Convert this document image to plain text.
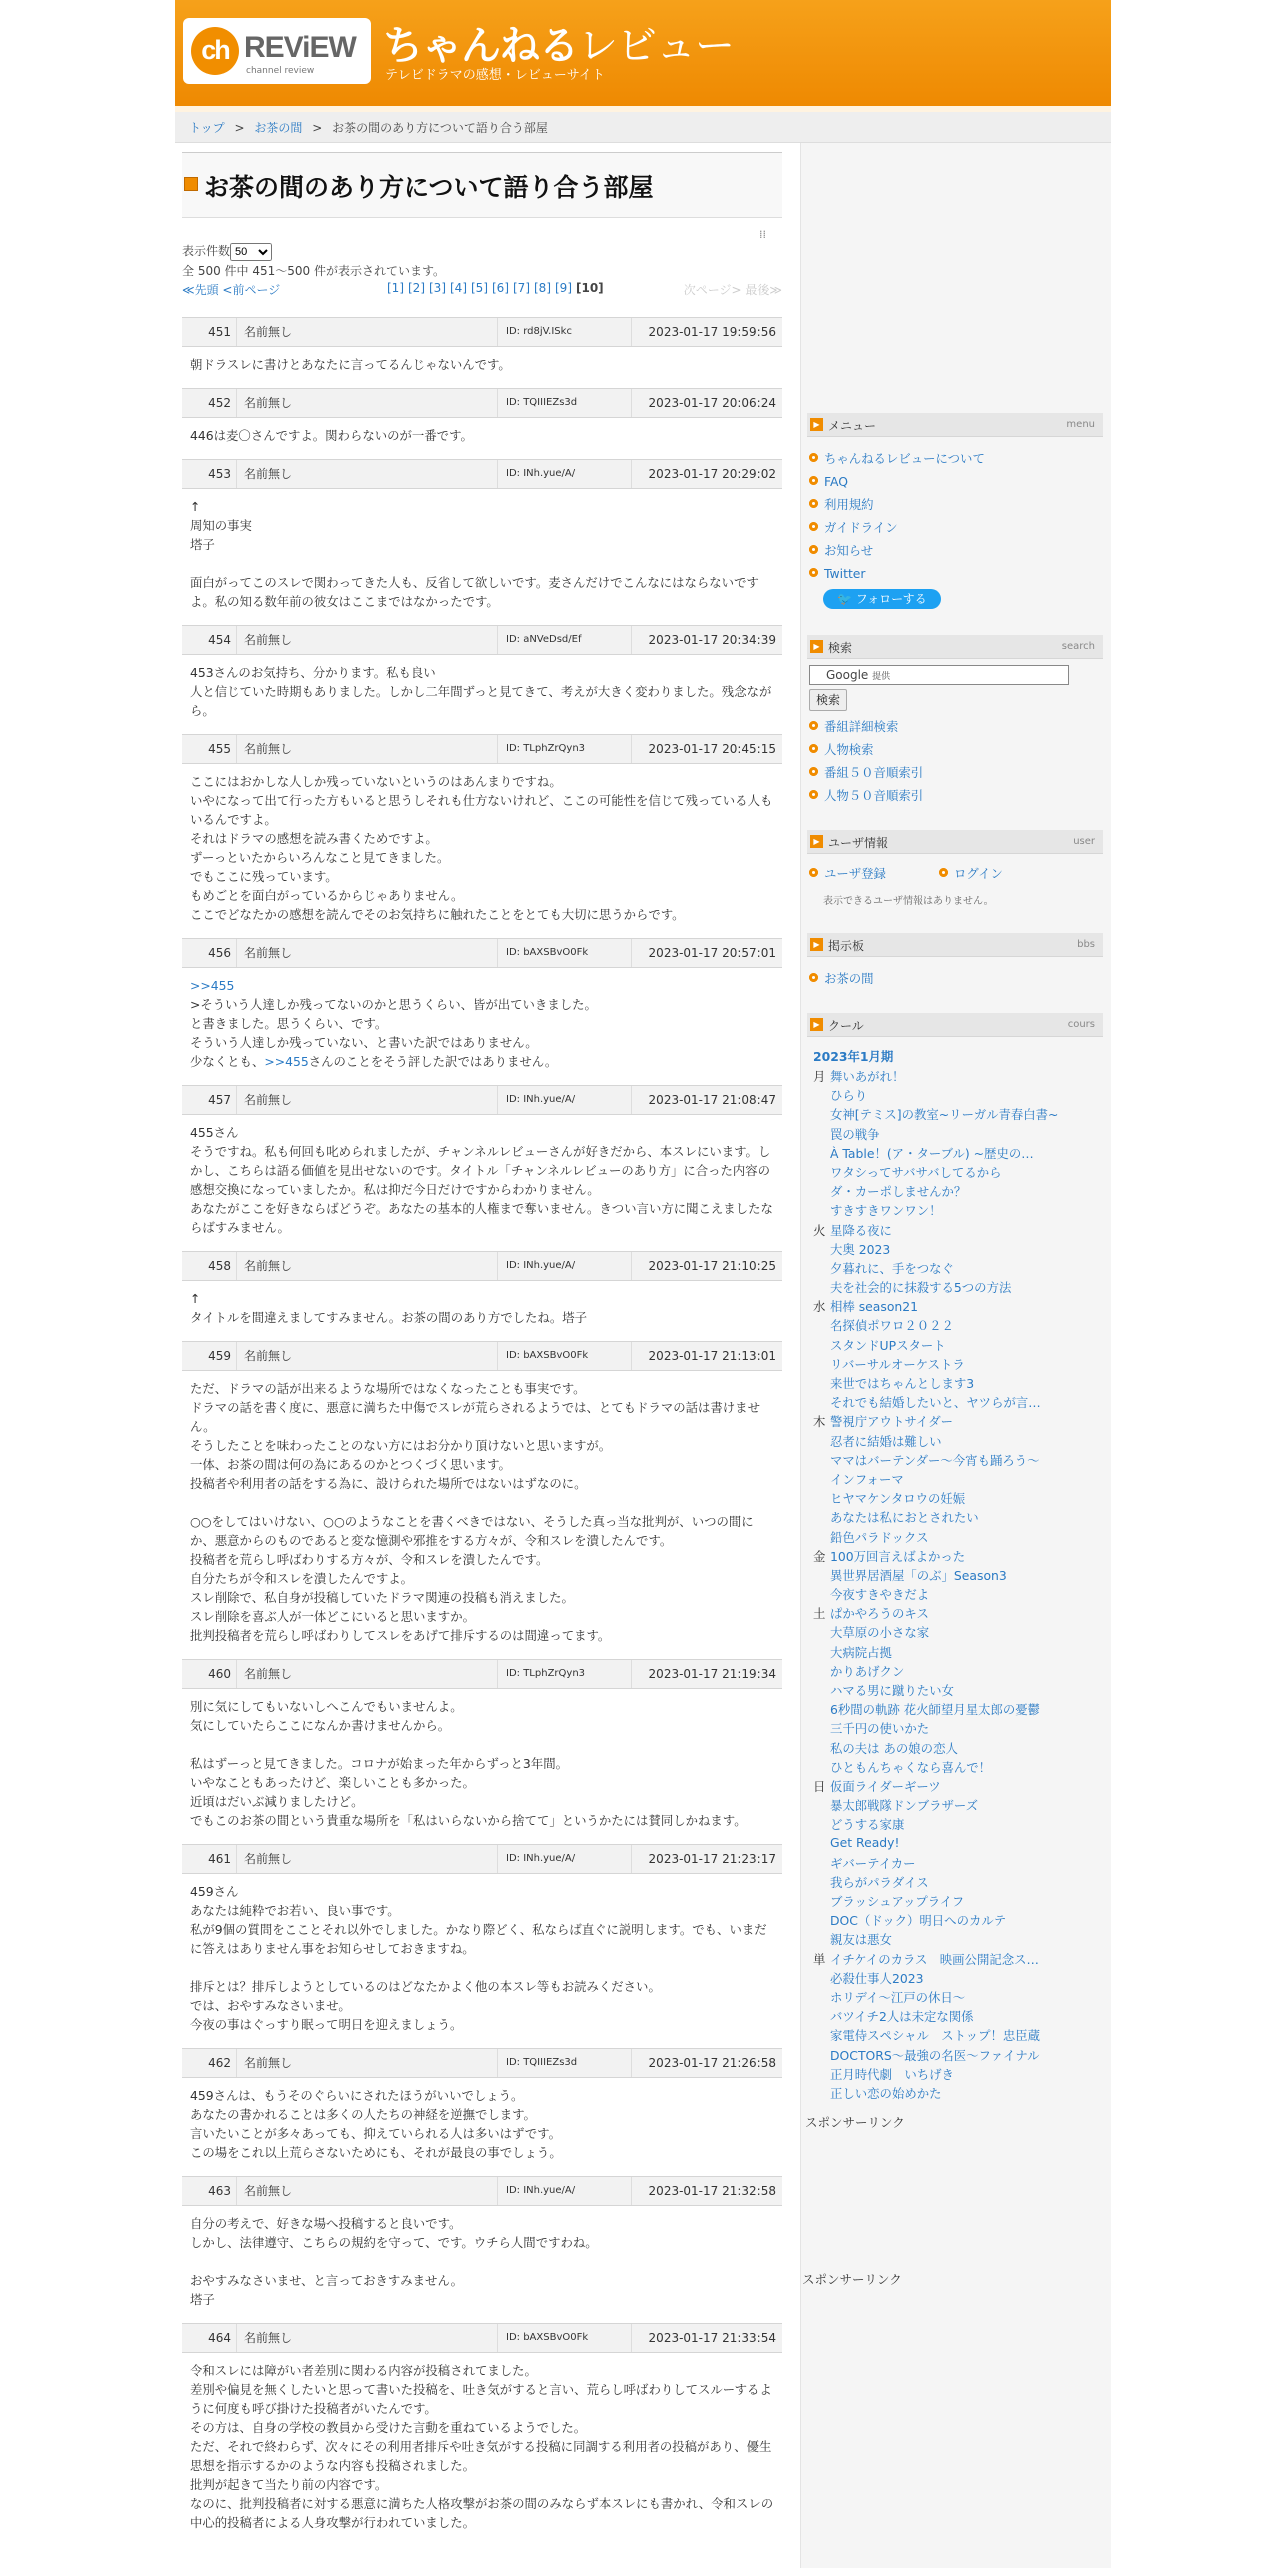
ch REViEW
channel review
ちゃんねるレビュー
テレビドラマの感想・レビューサイト
トップ > お茶の間 > お茶の間のあり方について語り合う部屋
お茶の間のあり方について語り合う部屋
⁞⁞
表示件数
50
全 500 件中 451～500 件が表示されています。
≪先頭 <前ページ	[1] [2] [3] [4] [5] [6] [7] [8] [9] [10]	次ページ> 最後≫
451	名前無し	ID: rd8jV.ISkc	2023-01-17 19:59:56
朝ドラスレに書けとあなたに言ってるんじゃないんです。
452	名前無し	ID: TQIIIEZs3d	2023-01-17 20:06:24
446は麦〇さんですよ。関わらないのが一番です。
453	名前無し	ID: INh.yue/A/	2023-01-17 20:29:02
↑
周知の事実
塔子

面白がってこのスレで関わってきた人も、反省して欲しいです。麦さんだけでこんなにはならないですよ。私の知る数年前の彼女はここまではなかったです。
454	名前無し	ID: aNVeDsd/Ef	2023-01-17 20:34:39
453さんのお気持ち、分かります。私も良い
人と信じていた時期もありました。しかし二年間ずっと見てきて、考えが大きく変わりました。残念ながら。
455	名前無し	ID: TLphZrQyn3	2023-01-17 20:45:15
ここにはおかしな人しか残っていないというのはあんまりですね。
いやになって出て行った方もいると思うしそれも仕方ないけれど、ここの可能性を信じて残っている人もいるんですよ。
それはドラマの感想を読み書くためですよ。
ずーっといたからいろんなこと見てきました。
でもここに残っています。
もめごとを面白がっているからじゃありません。
ここでどなたかの感想を読んでそのお気持ちに触れたことをとても大切に思うからです。
456	名前無し	ID: bAXSBvO0Fk	2023-01-17 20:57:01
>>455
>そういう人達しか残ってないのかと思うくらい、皆が出ていきました。
と書きました。思うくらい、です。
そういう人達しか残っていない、と書いた訳ではありません。
少なくとも、>>455さんのことをそう評した訳ではありません。
457	名前無し	ID: INh.yue/A/	2023-01-17 21:08:47
455さん
そうですね。私も何回も叱められましたが、チャンネルレビューさんが好きだから、本スレにいます。しかし、こちらは語る価値を見出せないのです。タイトル「チャンネルレビューのあり方」に合った内容の感想交換になっていましたか。私は抑だ今日だけですからわかりません。
あなたがここを好きならばどうぞ。あなたの基本的人権まで奪いません。きつい言い方に聞こえましたならばすみません。
458	名前無し	ID: INh.yue/A/	2023-01-17 21:10:25
↑
タイトルを間違えましてすみません。お茶の間のあり方でしたね。塔子
459	名前無し	ID: bAXSBvO0Fk	2023-01-17 21:13:01
ただ、ドラマの話が出来るような場所ではなくなったことも事実です。
ドラマの話を書く度に、悪意に満ちた中傷でスレが荒らされるようでは、とてもドラマの話は書けません。
そうしたことを味わったことのない方にはお分かり頂けないと思いますが。
一体、お茶の間は何の為にあるのかとつくづく思います。
投稿者や利用者の話をする為に、設けられた場所ではないはずなのに。

○○をしてはいけない、○○のようなことを書くべきではない、そうした真っ当な批判が、いつの間にか、悪意からのものであると変な憶測や邪推をする方々が、令和スレを潰したんです。
投稿者を荒らし呼ばわりする方々が、令和スレを潰したんです。
自分たちが令和スレを潰したんですよ。
スレ削除で、私自身が投稿していたドラマ関連の投稿も消えました。
スレ削除を喜ぶ人が一体どこにいると思いますか。
批判投稿者を荒らし呼ばわりしてスレをあげて排斥するのは間違ってます。
460	名前無し	ID: TLphZrQyn3	2023-01-17 21:19:34
別に気にしてもいないしへこんでもいませんよ。
気にしていたらここになんか書けませんから。

私はずーっと見てきました。コロナが始まった年からずっと3年間。
いやなこともあったけど、楽しいことも多かった。
近頃はだいぶ減りましたけど。
でもこのお茶の間という貴重な場所を「私はいらないから捨てて」というかたには賛同しかねます。
461	名前無し	ID: INh.yue/A/	2023-01-17 21:23:17
459さん
あなたは純粋でお若い、良い事です。
私が9個の質問をこことそれ以外でしました。かなり際どく、私ならば直ぐに説明します。でも、いまだに答えはありません事をお知らせしておきますね。

排斥とは？排斥しようとしているのはどなたかよく他の本スレ等もお読みください。
では、おやすみなさいませ。
今夜の事はぐっすり眠って明日を迎えましょう。
462	名前無し	ID: TQIIIEZs3d	2023-01-17 21:26:58
459さんは、もうそのぐらいにされたほうがいいでしょう。
あなたの書かれることは多くの人たちの神経を逆撫でします。
言いたいことが多々あっても、抑えていられる人は多いはずです。
この場をこれ以上荒らさないためにも、それが最良の事でしょう。
463	名前無し	ID: INh.yue/A/	2023-01-17 21:32:58
自分の考えで、好きな場へ投稿すると良いです。
しかし、法律遵守、こちらの規約を守って、です。ウチら人間ですわね。

おやすみなさいませ、と言っておきすみません。
塔子
464	名前無し	ID: bAXSBvO0Fk	2023-01-17 21:33:54
令和スレには障がい者差別に関わる内容が投稿されてました。
差別や偏見を無くしたいと思って書いた投稿を、吐き気がすると言い、荒らし呼ばわりしてスルーするように何度も呼び掛けた投稿者がいたんです。
その方は、自身の学校の教員から受けた言動を重ねているようでした。
ただ、それで終わらず、次々にその利用者排斥や吐き気がする投稿に同調する利用者の投稿があり、優生思想を指示するかのような内容も投稿されました。
批判が起きて当たり前の内容です。
なのに、批判投稿者に対する悪意に満ちた人格攻撃がお茶の間のみならず本スレにも書かれ、令和スレの中心的投稿者による人身攻撃が行われていました。
▶ メニュー	menu
ちゃんねるレビューについて
FAQ
利用規約
ガイドライン
お知らせ
Twitter
🐦 フォローする
▶ 検索	search
Google 提供
検索
番組詳細検索
人物検索
番組５０音順索引
人物５０音順索引
▶ ユーザ情報	user
ユーザ登録	ログイン
表示できるユーザ情報はありません。
▶ 掲示板	bbs
お茶の間
▶ クール	cours
2023年1月期
月 舞いあがれ！
ひらり
女神[テミス]の教室~リーガル青春白書~
罠の戦争
À Table！(ア・ターブル) ~歴史の…
ワタシってサバサバしてるから
ダ・カーポしませんか？
すきすきワンワン！
火 星降る夜に
大奥 2023
夕暮れに、手をつなぐ
夫を社会的に抹殺する5つの方法
水 相棒 season21
名探偵ポワロ２０２２
スタンドUPスタート
リバーサルオーケストラ
来世ではちゃんとします3
それでも結婚したいと、ヤツらが言…
木 警視庁アウトサイダー
忍者に結婚は難しい
ママはバーテンダー～今宵も踊ろう～
インフォーマ
ヒヤマケンタロウの妊娠
あなたは私におとされたい
鉛色パラドックス
金 100万回言えばよかった
異世界居酒屋「のぶ」Season3
今夜すきやきだよ
土 ぱかやろうのキス
大草原の小さな家
大病院占拠
かりあげクン
ハマる男に蹴りたい女
6秒間の軌跡 花火師望月星太郎の憂鬱
三千円の使いかた
私の夫は あの娘の恋人
ひともんちゃくなら喜んで！
日 仮面ライダーギーツ
暴太郎戦隊ドンブラザーズ
どうする家康
Get Ready!
ギバーテイカー
我らがパラダイス
ブラッシュアップライフ
DOC（ドック）明日へのカルテ
親友は悪女
単 イチケイのカラス　映画公開記念ス…
必殺仕事人2023
ホリデイ～江戸の休日～
バツイチ2人は未定な関係
家電侍スペシャル　ストップ！忠臣蔵
DOCTORS～最強の名医～ファイナル
正月時代劇　いちげき
正しい恋の始めかた
スポンサーリンク
スポンサーリンク
